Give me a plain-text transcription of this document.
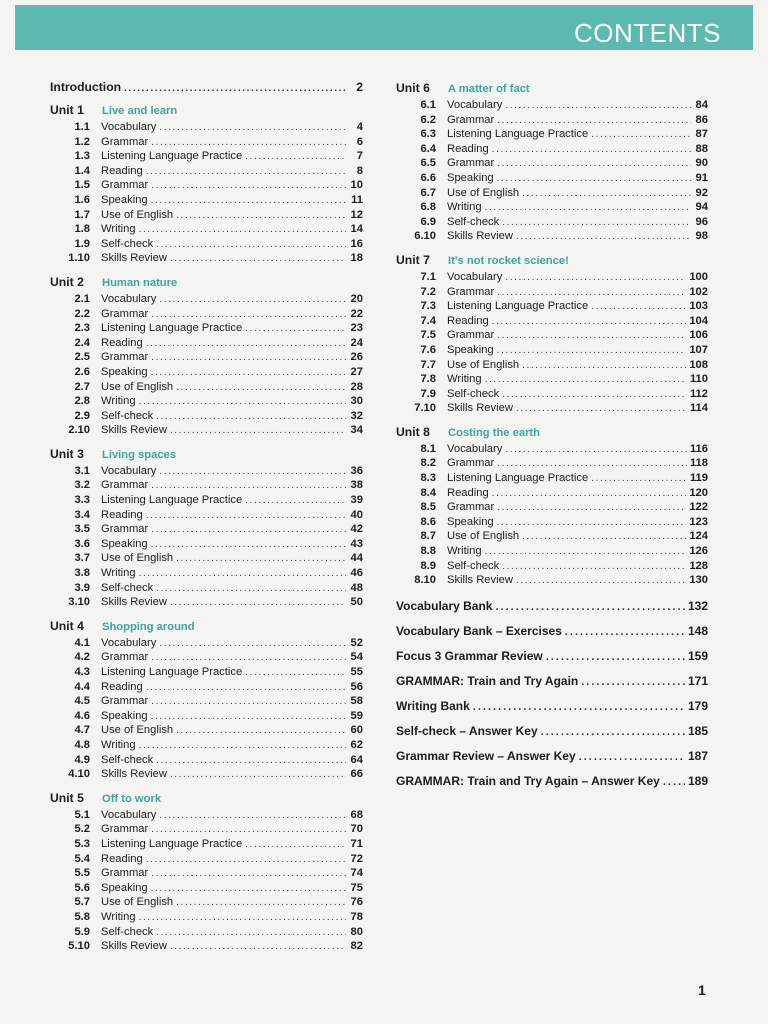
CONTENTS
Introduction .....	2
Unit 1	Live and learn
1.1 Vocabulary .....	4
1.2 Grammar .....	6
1.3 Listening Language Practice .....	7
1.4 Reading .....	8
1.5 Grammar .....	10
1.6 Speaking .....	11
1.7 Use of English .....	12
1.8 Writing .....	14
1.9 Self-check .....	16
1.10 Skills Review .....	18
Unit 2	Human nature
2.1 Vocabulary .....	20
2.2 Grammar .....	22
2.3 Listening Language Practice .....	23
2.4 Reading .....	24
2.5 Grammar .....	26
2.6 Speaking .....	27
2.7 Use of English .....	28
2.8 Writing .....	30
2.9 Self-check .....	32
2.10 Skills Review .....	34
Unit 3	Living spaces
3.1 Vocabulary .....	36
3.2 Grammar .....	38
3.3 Listening Language Practice .....	39
3.4 Reading .....	40
3.5 Grammar .....	42
3.6 Speaking .....	43
3.7 Use of English .....	44
3.8 Writing .....	46
3.9 Self-check .....	48
3.10 Skills Review .....	50
Unit 4	Shopping around
4.1 Vocabulary .....	52
4.2 Grammar .....	54
4.3 Listening Language Practice .....	55
4.4 Reading .....	56
4.5 Grammar .....	58
4.6 Speaking .....	59
4.7 Use of English .....	60
4.8 Writing .....	62
4.9 Self-check .....	64
4.10 Skills Review .....	66
Unit 5	Off to work
5.1 Vocabulary .....	68
5.2 Grammar .....	70
5.3 Listening Language Practice .....	71
5.4 Reading .....	72
5.5 Grammar .....	74
5.6 Speaking .....	75
5.7 Use of English .....	76
5.8 Writing .....	78
5.9 Self-check .....	80
5.10 Skills Review .....	82
Unit 6	A matter of fact
6.1 Vocabulary .....	84
6.2 Grammar .....	86
6.3 Listening Language Practice .....	87
6.4 Reading .....	88
6.5 Grammar .....	90
6.6 Speaking .....	91
6.7 Use of English .....	92
6.8 Writing .....	94
6.9 Self-check .....	96
6.10 Skills Review .....	98
Unit 7	It's not rocket science!
7.1 Vocabulary .....	100
7.2 Grammar .....	102
7.3 Listening Language Practice .....	103
7.4 Reading .....	104
7.5 Grammar .....	106
7.6 Speaking .....	107
7.7 Use of English .....	108
7.8 Writing .....	110
7.9 Self-check .....	112
7.10 Skills Review .....	114
Unit 8	Costing the earth
8.1 Vocabulary .....	116
8.2 Grammar .....	118
8.3 Listening Language Practice .....	119
8.4 Reading .....	120
8.5 Grammar .....	122
8.6 Speaking .....	123
8.7 Use of English .....	124
8.8 Writing .....	126
8.9 Self-check .....	128
8.10 Skills Review .....	130
Vocabulary Bank .....	132
Vocabulary Bank – Exercises .....	148
Focus 3 Grammar Review .....	159
GRAMMAR: Train and Try Again .....	171
Writing Bank .....	179
Self-check – Answer Key .....	185
Grammar Review – Answer Key .....	187
GRAMMAR: Train and Try Again – Answer Key ..... 189
1
